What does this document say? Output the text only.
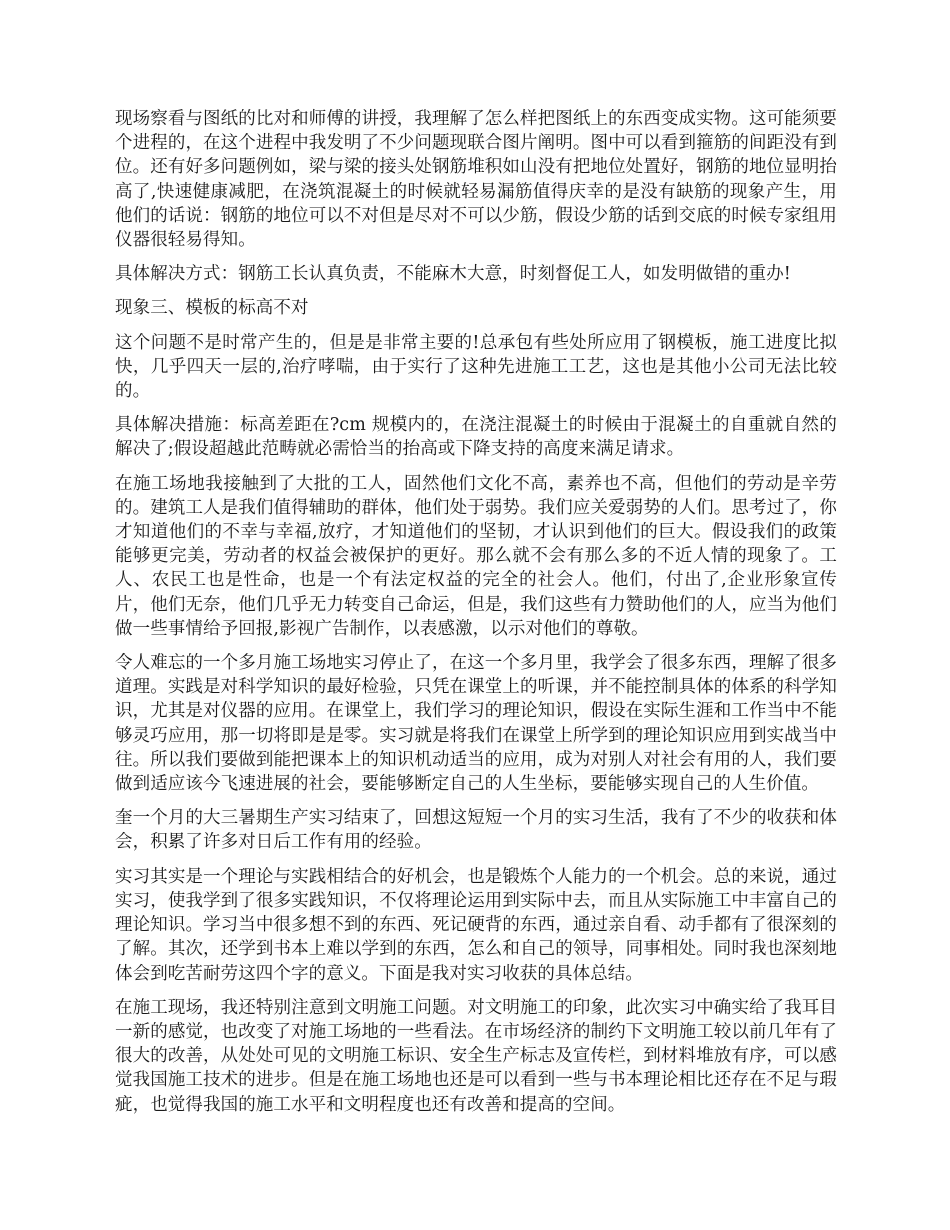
现场察看与图纸的比对和师傅的讲授，我理解了怎么样把图纸上的东西变成实物。这可能须要个进程的，在这个进程中我发明了不少问题现联合图片阐明。图中可以看到箍筋的间距没有到位。还有好多问题例如，梁与梁的接头处钢筋堆积如山没有把地位处置好，钢筋的地位显明抬高了,快速健康减肥，在浇筑混凝土的时候就轻易漏筋值得庆幸的是没有缺筋的现象产生，用他们的话说：钢筋的地位可以不对但是尽对不可以少筋，假设少筋的话到交底的时候专家组用仪器很轻易得知。

具体解决方式：钢筋工长认真负责，不能麻木大意，时刻督促工人，如发明做错的重办!

现象三、模板的标高不对

这个问题不是时常产生的，但是是非常主要的!总承包有些处所应用了钢模板，施工进度比拟快，几乎四天一层的,治疗哮喘，由于实行了这种先进施工工艺，这也是其他小公司无法比较的。

具体解决措施：标高差距在?cm 规模内的，在浇注混凝土的时候由于混凝土的自重就自然的解决了;假设超越此范畴就必需恰当的抬高或下降支持的高度来满足请求。

在施工场地我接触到了大批的工人，固然他们文化不高，素养也不高，但他们的劳动是辛劳的。建筑工人是我们值得辅助的群体，他们处于弱势。我们应关爱弱势的人们。思考过了，你才知道他们的不幸与幸福,放疗，才知道他们的坚韧，才认识到他们的巨大。假设我们的政策能够更完美，劳动者的权益会被保护的更好。那么就不会有那么多的不近人情的现象了。工人、农民工也是性命，也是一个有法定权益的完全的社会人。他们，付出了,企业形象宣传片，他们无奈，他们几乎无力转变自己命运，但是，我们这些有力赞助他们的人，应当为他们做一些事情给予回报,影视广告制作，以表感激，以示对他们的尊敬。

令人难忘的一个多月施工场地实习停止了，在这一个多月里，我学会了很多东西，理解了很多道理。实践是对科学知识的最好检验，只凭在课堂上的听课，并不能控制具体的体系的科学知识，尤其是对仪器的应用。在课堂上，我们学习的理论知识，假设在实际生涯和工作当中不能够灵巧应用，那一切将即是是零。实习就是将我们在课堂上所学到的理论知识应用到实战当中往。所以我们要做到能把课本上的知识机动适当的应用，成为对别人对社会有用的人，我们要做到适应该今飞速进展的社会，要能够断定自己的人生坐标，要能够实现自己的人生价值。

奎一个月的大三暑期生产实习结束了，回想这短短一个月的实习生活，我有了不少的收获和体会，积累了许多对日后工作有用的经验。

实习其实是一个理论与实践相结合的好机会，也是锻炼个人能力的一个机会。总的来说，通过实习，使我学到了很多实践知识，不仅将理论运用到实际中去，而且从实际施工中丰富自己的理论知识。学习当中很多想不到的东西、死记硬背的东西，通过亲自看、动手都有了很深刻的了解。其次，还学到书本上难以学到的东西，怎么和自己的领导，同事相处。同时我也深刻地体会到吃苦耐劳这四个字的意义。下面是我对实习收获的具体总结。

在施工现场，我还特别注意到文明施工问题。对文明施工的印象，此次实习中确实给了我耳目一新的感觉，也改变了对施工场地的一些看法。在市场经济的制约下文明施工较以前几年有了很大的改善，从处处可见的文明施工标识、安全生产标志及宣传栏，到材料堆放有序，可以感觉我国施工技术的进步。但是在施工场地也还是可以看到一些与书本理论相比还存在不足与瑕疵，也觉得我国的施工水平和文明程度也还有改善和提高的空间。
